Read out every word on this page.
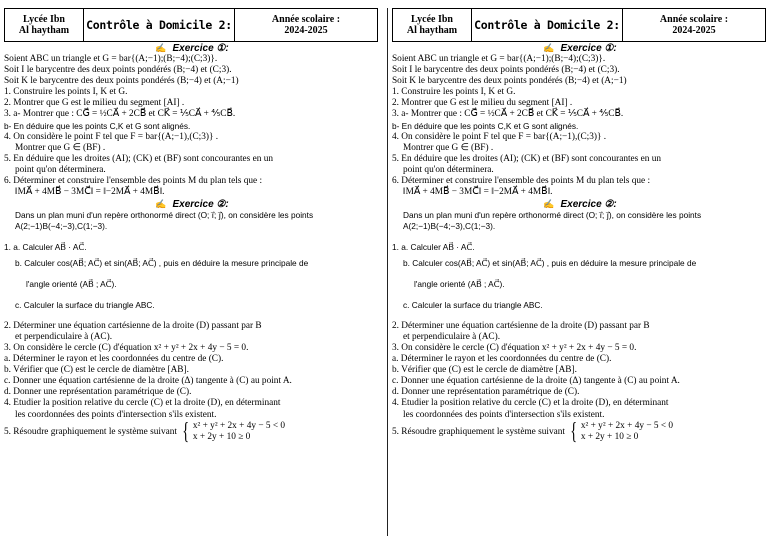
Lycée Ibn
Al haytham Contrôle à Domicile 2:	Année scolaire :
2024-2025
✍ Exercice ①:
Soient ABC un triangle et G = bar{(A;−1);(B;−4);(C;3)}.
Soit I le barycentre des deux points pondérés (B;−4) et (C;3).
Soit K le barycentre des deux points pondérés (B;−4) et (A;−1)
1. Construire les points I, K et G.
2. Montrer que G est le milieu du segment [AI] .
3. a- Montrer que : CG⃗ = ½CA⃗ + 2CB⃗ et CK⃗ = ⅕CA⃗ + ⅘CB⃗.
b- En déduire que les points C,K et G sont alignés.
4. On considère le point F tel que F = bar{(A;−1),(C;3)} .
Montrer que G ∈ (BF) .
5. En déduire que les droites (AI); (CK) et (BF) sont concourantes en un
point qu'on déterminera.
6. Déterminer et construire l'ensemble des points M du plan tels que :
‖MA⃗ + 4MB⃗ − 3MC⃗‖ = ‖−2MA⃗ + 4MB⃗‖.
✍ Exercice ②:
Dans un plan muni d'un repère orthonormé direct (O; i⃗; j⃗), on considère les points
A(2;−1)B(−4;−3),C(1;−3).
1. a. Calculer AB⃗ · AC⃗.
b. Calculer cos(AB⃗; AC⃗) et sin(AB⃗; AC⃗) , puis en déduire la mesure principale de
l'angle orienté (AB⃗ ; AC⃗).
c. Calculer la surface du triangle ABC.
2. Déterminer une équation cartésienne de la droite (D) passant par B
et perpendiculaire à (AC).
3. On considère le cercle (C) d'équation x² + y² + 2x + 4y − 5 = 0.
a. Déterminer le rayon et les coordonnées du centre de (C).
b. Vérifier que (C) est le cercle de diamètre [AB].
c. Donner une équation cartésienne de la droite (Δ) tangente à (C) au point A.
d. Donner une représentation paramétrique de (C).
4. Etudier la position relative du cercle (C) et la droite (D), en déterminant
les coordonnées des points d'intersection s'ils existent.
5. Résoudre graphiquement le système suivant { x² + y² + 2x + 4y − 5 < 0
x + 2y + 10 ≥ 0
Lycée Ibn
Al haytham Contrôle à Domicile 2:	Année scolaire :
2024-2025
✍ Exercice ①:
Soient ABC un triangle et G = bar{(A;−1);(B;−4);(C;3)}.
Soit I le barycentre des deux points pondérés (B;−4) et (C;3).
Soit K le barycentre des deux points pondérés (B;−4) et (A;−1)
1. Construire les points I, K et G.
2. Montrer que G est le milieu du segment [AI] .
3. a- Montrer que : CG⃗ = ½CA⃗ + 2CB⃗ et CK⃗ = ⅕CA⃗ + ⅘CB⃗.
b- En déduire que les points C,K et G sont alignés.
4. On considère le point F tel que F = bar{(A;−1),(C;3)} .
Montrer que G ∈ (BF) .
5. En déduire que les droites (AI); (CK) et (BF) sont concourantes en un
point qu'on déterminera.
6. Déterminer et construire l'ensemble des points M du plan tels que :
‖MA⃗ + 4MB⃗ − 3MC⃗‖ = ‖−2MA⃗ + 4MB⃗‖.
✍ Exercice ②:
Dans un plan muni d'un repère orthonormé direct (O; i⃗; j⃗), on considère les points
A(2;−1)B(−4;−3),C(1;−3).
1. a. Calculer AB⃗ · AC⃗.
b. Calculer cos(AB⃗; AC⃗) et sin(AB⃗; AC⃗) , puis en déduire la mesure principale de
l'angle orienté (AB⃗ ; AC⃗).
c. Calculer la surface du triangle ABC.
2. Déterminer une équation cartésienne de la droite (D) passant par B
et perpendiculaire à (AC).
3. On considère le cercle (C) d'équation x² + y² + 2x + 4y − 5 = 0.
a. Déterminer le rayon et les coordonnées du centre de (C).
b. Vérifier que (C) est le cercle de diamètre [AB].
c. Donner une équation cartésienne de la droite (Δ) tangente à (C) au point A.
d. Donner une représentation paramétrique de (C).
4. Etudier la position relative du cercle (C) et la droite (D), en déterminant
les coordonnées des points d'intersection s'ils existent.
5. Résoudre graphiquement le système suivant { x² + y² + 2x + 4y − 5 < 0
x + 2y + 10 ≥ 0
